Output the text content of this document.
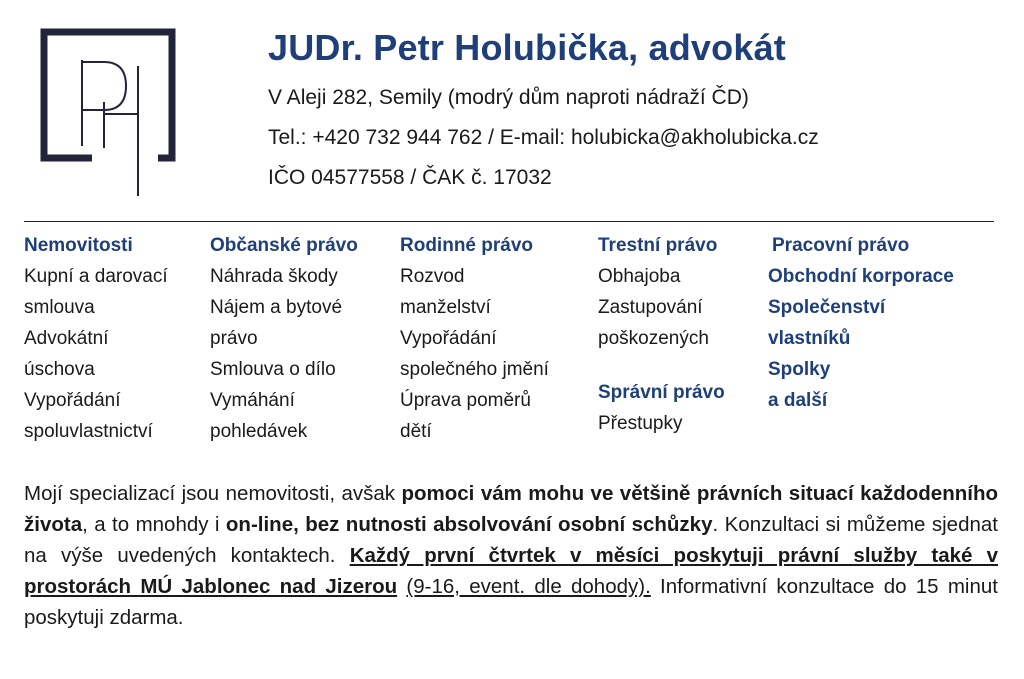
JUDr. Petr Holubička, advokát
V Aleji 282, Semily (modrý dům naproti nádraží ČD)
Tel.: +420 732 944 762 / E-mail: holubicka@akholubicka.cz
IČO 04577558 / ČAK č. 17032
Nemovitosti
Kupní a darovací
smlouva
Advokátní
úschova
Vypořádání
spoluvlastnictví
Občanské právo
Náhrada škody
Nájem a bytové
právo
Smlouva o dílo
Vymáhání
pohledávek
Rodinné právo
Rozvod
manželství
Vypořádání
společného jmění
Úprava poměrů
dětí
Trestní právo
Obhajoba
Zastupování
poškozených
Správní právo
Přestupky
Pracovní právo
Obchodní korporace
Společenství
vlastníků
Spolky
a další
Mojí specializací jsou nemovitosti, avšak pomoci vám mohu ve většině právních situací každodenního života, a to mnohdy i on-line, bez nutnosti absolvování osobní schůzky. Konzultaci si můžeme sjednat na výše uvedených kontaktech. Každý první čtvrtek v měsíci poskytuji právní služby také v prostorách MÚ Jablonec nad Jizerou (9-16, event. dle dohody). Informativní konzultace do 15 minut poskytuji zdarma.
